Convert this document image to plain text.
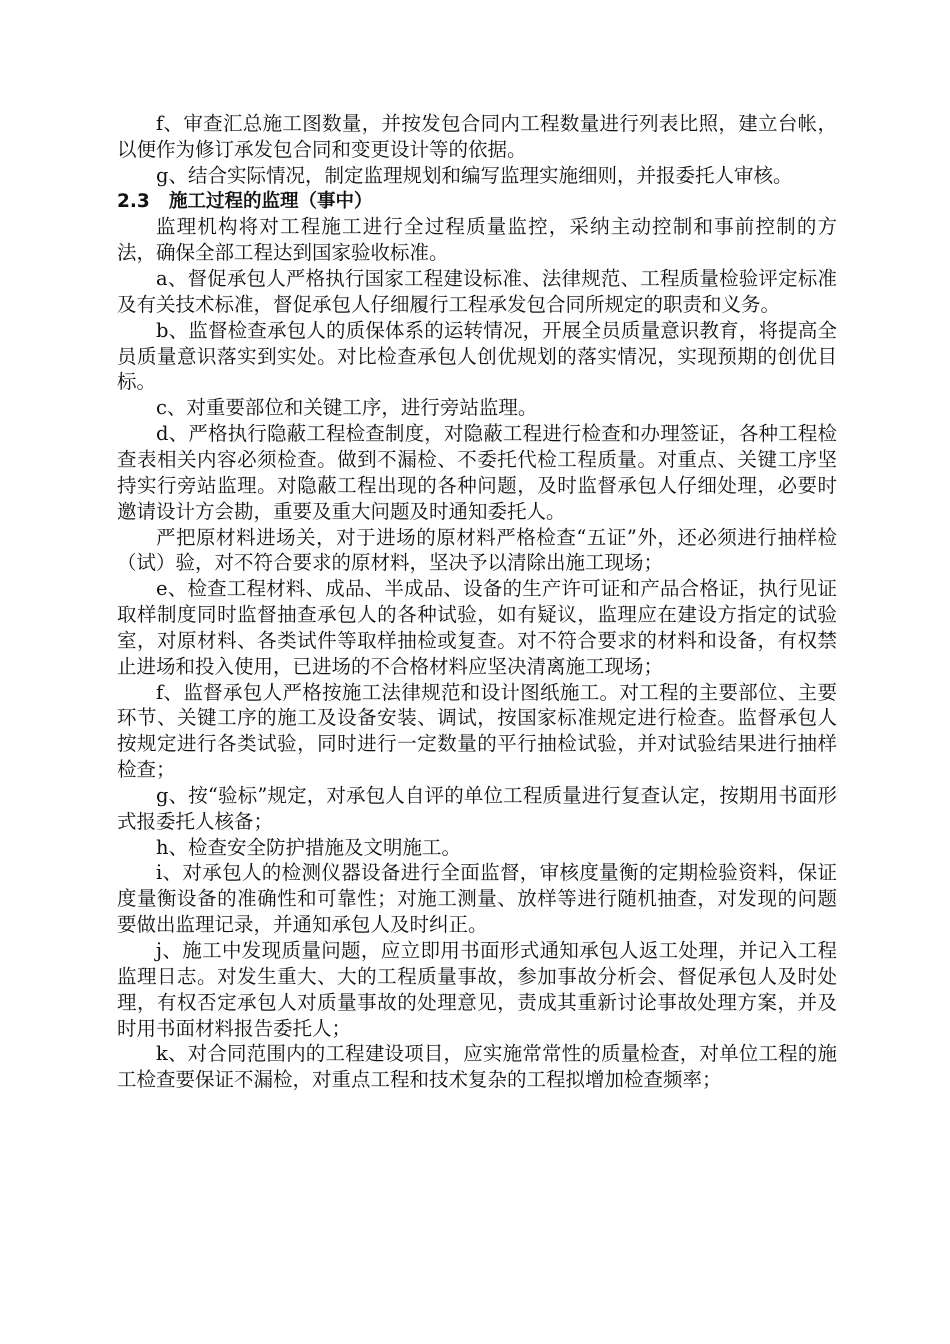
f、审查汇总施工图数量，并按发包合同内工程数量进行列表比照，建立台帐，以便作为修订承发包合同和变更设计等的依据。

g、结合实际情况，制定监理规划和编写监理实施细则，并报委托人审核。

2.3 施工过程的监理（事中）

监理机构将对工程施工进行全过程质量监控，采纳主动控制和事前控制的方法，确保全部工程达到国家验收标准。

a、督促承包人严格执行国家工程建设标准、法律规范、工程质量检验评定标准及有关技术标准，督促承包人仔细履行工程承发包合同所规定的职责和义务。

b、监督检查承包人的质保体系的运转情况，开展全员质量意识教育，将提高全员质量意识落实到实处。对比检查承包人创优规划的落实情况，实现预期的创优目标。

c、对重要部位和关键工序，进行旁站监理。

d、严格执行隐蔽工程检查制度，对隐蔽工程进行检查和办理签证，各种工程检查表相关内容必须检查。做到不漏检、不委托代检工程质量。对重点、关键工序坚持实行旁站监理。对隐蔽工程出现的各种问题，及时监督承包人仔细处理，必要时邀请设计方会勘，重要及重大问题及时通知委托人。

严把原材料进场关，对于进场的原材料严格检查“五证”外，还必须进行抽样检（试）验，对不符合要求的原材料，坚决予以清除出施工现场；

e、检查工程材料、成品、半成品、设备的生产许可证和产品合格证，执行见证取样制度同时监督抽查承包人的各种试验，如有疑议，监理应在建设方指定的试验室，对原材料、各类试件等取样抽检或复查。对不符合要求的材料和设备，有权禁止进场和投入使用，已进场的不合格材料应坚决清离施工现场；

f、监督承包人严格按施工法律规范和设计图纸施工。对工程的主要部位、主要环节、关键工序的施工及设备安装、调试，按国家标准规定进行检查。监督承包人按规定进行各类试验，同时进行一定数量的平行抽检试验，并对试验结果进行抽样检查；

g、按“验标”规定，对承包人自评的单位工程质量进行复查认定，按期用书面形式报委托人核备；

h、检查安全防护措施及文明施工。

i、对承包人的检测仪器设备进行全面监督，审核度量衡的定期检验资料，保证度量衡设备的准确性和可靠性；对施工测量、放样等进行随机抽查，对发现的问题要做出监理记录，并通知承包人及时纠正。

j、施工中发现质量问题，应立即用书面形式通知承包人返工处理，并记入工程监理日志。对发生重大、大的工程质量事故，参加事故分析会、督促承包人及时处理，有权否定承包人对质量事故的处理意见，责成其重新讨论事故处理方案，并及时用书面材料报告委托人；

k、对合同范围内的工程建设项目，应实施常常性的质量检查，对单位工程的施工检查要保证不漏检，对重点工程和技术复杂的工程拟增加检查频率；
